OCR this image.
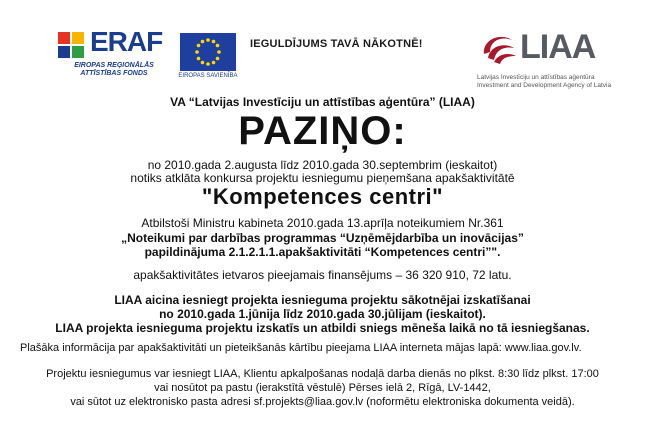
ERAF
EIROPAS REĢIONĀLĀS
ATTĪSTĪBAS FONDS	EIROPAS SAVIENĪBA
IEGULDĪJUMS TAVĀ NĀKOTNĒ!	LIAA
Latvijas Investīciju un attīstības aģentūra
Investment and Development Agency of Latvia
VA “Latvijas Investīciju un attīstības aģentūra” (LIAA)
PAZIŅO:
no 2010.gada 2.augusta līdz 2010.gada 30.septembrim (ieskaitot)
notiks atklāta konkursa projektu iesniegumu pieņemšana apakšaktivitātē
"Kompetences centri"
Atbilstoši Ministru kabineta 2010.gada 13.aprīļa noteikumiem Nr.361
„Noteikumi par darbības programmas “Uzņēmējdarbība un inovācijas”
papildinājuma 2.1.2.1.1.apakšaktivitāti “Kompetences centri”".
apakšaktivitātes ietvaros pieejamais finansējums – 36 320 910, 72 latu.
LIAA aicina iesniegt projekta iesnieguma projektu sākotnējai izskatīšanai
no 2010.gada 1.jūnija līdz 2010.gada 30.jūlijam (ieskaitot).
LIAA projekta iesnieguma projektu izskatīs un atbildi sniegs mēneša laikā no tā iesniegšanas.
Plašāka informācija par apakšaktivitāti un pieteikšanās kārtību pieejama LIAA interneta mājas lapā: www.liaa.gov.lv.
Projektu iesniegumus var iesniegt LIAA, Klientu apkalpošanas nodaļā darba dienās no plkst. 8:30 līdz plkst. 17:00
vai nosūtot pa pastu (ierakstītā vēstulē) Pērses ielā 2, Rīgā, LV-1442,
vai sūtot uz elektronisko pasta adresi sf.projekts@liaa.gov.lv (noformētu elektroniska dokumenta veidā).
